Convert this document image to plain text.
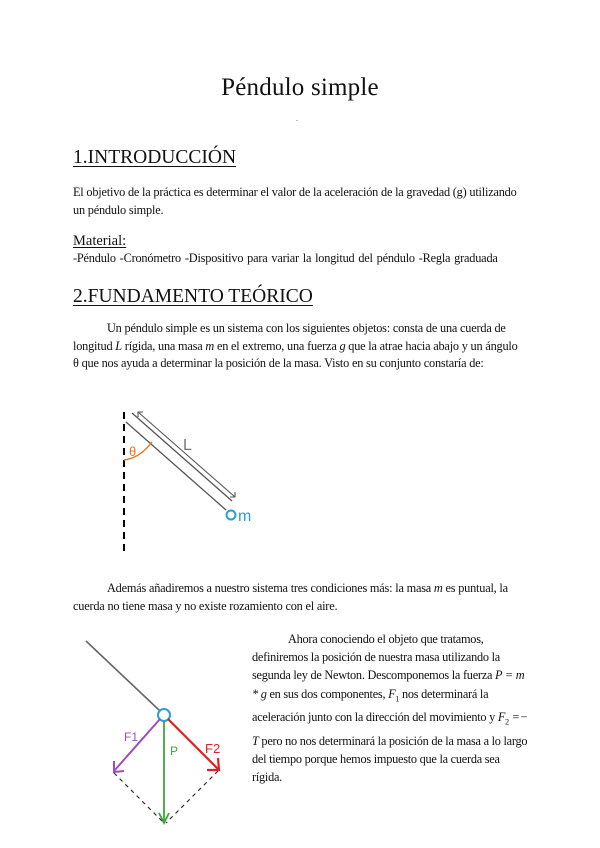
Péndulo simple
.
1.INTRODUCCIÓN
El objetivo de la práctica es determinar el valor de la aceleración de la gravedad (g) utilizando un péndulo simple.
Material:
-Péndulo -Cronómetro -Dispositivo para variar la longitud del péndulo -Regla graduada
2.FUNDAMENTO TEÓRICO
Un péndulo simple es un sistema con los siguientes objetos: consta de una cuerda de longitud L rígida, una masa m en el extremo, una fuerza g que la atrae hacia abajo y un ángulo θ que nos ayuda a determinar la posición de la masa. Visto en su conjunto constaría de:
θ	L
m
Además añadiremos a nuestro sistema tres condiciones más: la masa m es puntual, la cuerda no tiene masa y no existe rozamiento con el aire.
F1
F2
P
Ahora conociendo el objeto que tratamos, definiremos la posición de nuestra masa utilizando la segunda ley de Newton. Descomponemos la fuerza P = m * g en sus dos componentes, $F_1$ nos determinará la aceleración junto con la dirección del movimiento y $F_2 =- T$ pero no nos determinará la posición de la masa a lo largo del tiempo porque hemos impuesto que la cuerda sea rígida.
